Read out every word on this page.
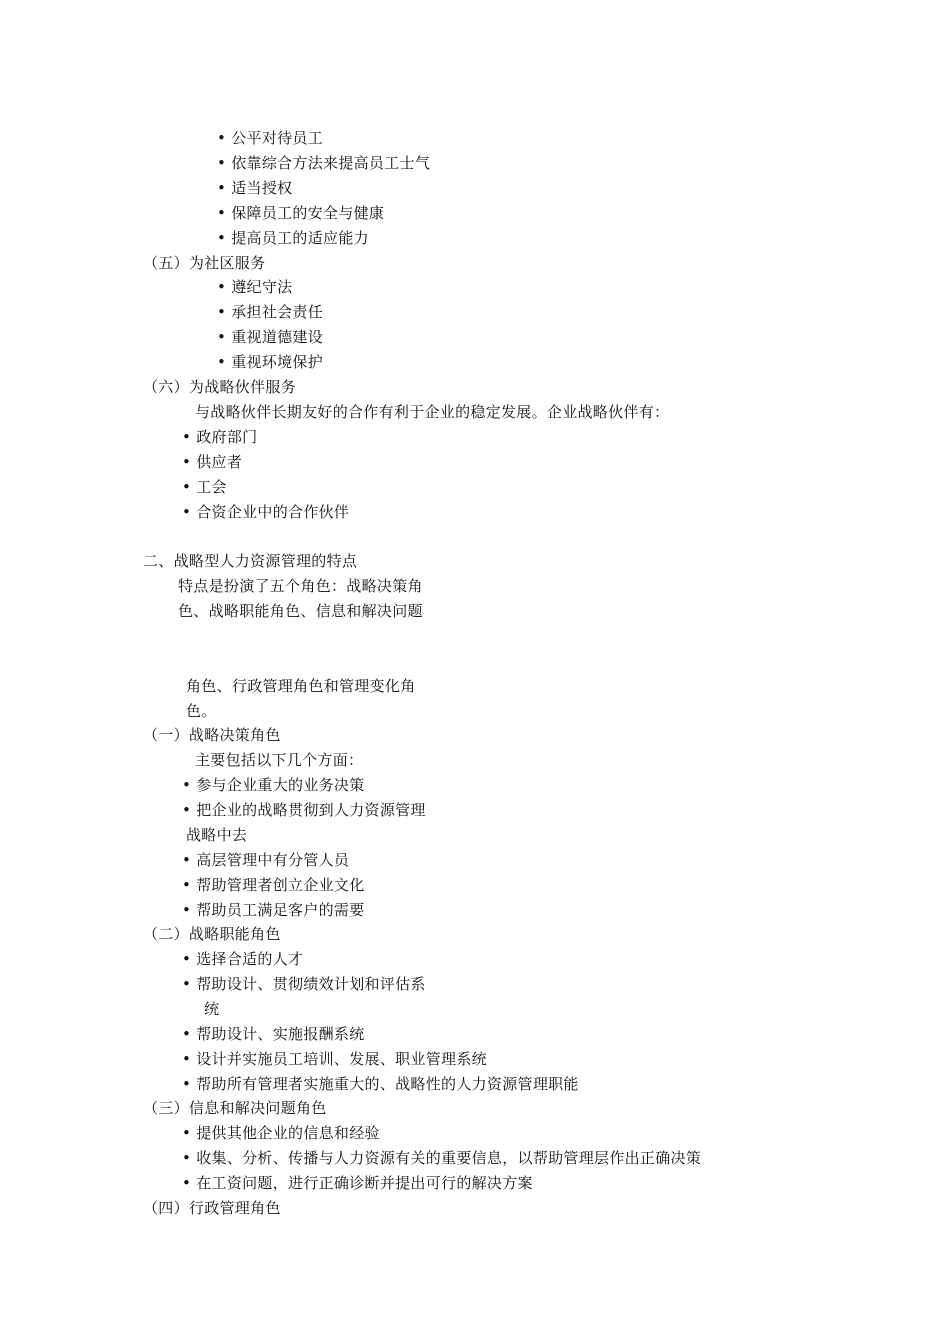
• 公平对待员工
• 依靠综合方法来提高员工士气
• 适当授权
• 保障员工的安全与健康
• 提高员工的适应能力
（五）为社区服务
• 遵纪守法
• 承担社会责任
• 重视道德建设
• 重视环境保护
（六）为战略伙伴服务
与战略伙伴长期友好的合作有利于企业的稳定发展。企业战略伙伴有：
• 政府部门
• 供应者
• 工会
• 合资企业中的合作伙伴
二、战略型人力资源管理的特点
特点是扮演了五个角色：战略决策角
色、战略职能角色、信息和解决问题
角色、行政管理角色和管理变化角
色。
（一）战略决策角色
主要包括以下几个方面：
• 参与企业重大的业务决策
• 把企业的战略贯彻到人力资源管理
战略中去
• 高层管理中有分管人员
• 帮助管理者创立企业文化
• 帮助员工满足客户的需要
（二）战略职能角色
• 选择合适的人才
• 帮助设计、贯彻绩效计划和评估系
统
• 帮助设计、实施报酬系统
• 设计并实施员工培训、发展、职业管理系统
• 帮助所有管理者实施重大的、战略性的人力资源管理职能
（三）信息和解决问题角色
• 提供其他企业的信息和经验
• 收集、分析、传播与人力资源有关的重要信息，以帮助管理层作出正确决策
• 在工资问题，进行正确诊断并提出可行的解决方案
（四）行政管理角色
